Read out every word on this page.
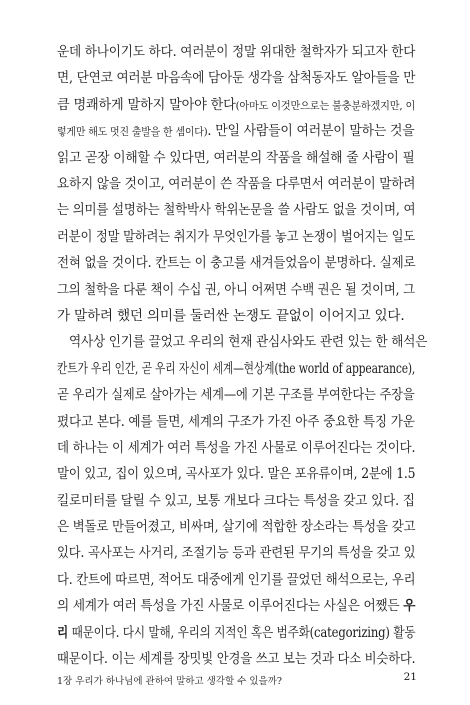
운데 하나이기도 하다. 여러분이 정말 위대한 철학자가 되고자 한다
면, 단연코 여러분 마음속에 담아둔 생각을 삼척동자도 알아들을 만
큼 명쾌하게 말하지 말아야 한다(아마도 이것만으로는 불충분하겠지만, 이
렇게만 해도 멋진 출발을 한 셈이다). 만일 사람들이 여러분이 말하는 것을
읽고 곧장 이해할 수 있다면, 여러분의 작품을 해설해 줄 사람이 필
요하지 않을 것이고, 여러분이 쓴 작품을 다루면서 여러분이 말하려
는 의미를 설명하는 철학박사 학위논문을 쓸 사람도 없을 것이며, 여
러분이 정말 말하려는 취지가 무엇인가를 놓고 논쟁이 벌어지는 일도
전혀 없을 것이다. 칸트는 이 충고를 새겨들었음이 분명하다. 실제로
그의 철학을 다룬 책이 수십 권, 아니 어쩌면 수백 권은 될 것이며, 그
가 말하려 했던 의미를 둘러싼 논쟁도 끝없이 이어지고 있다.
역사상 인기를 끌었고 우리의 현재 관심사와도 관련 있는 한 해석은
칸트가 우리 인간, 곧 우리 자신이 세계—현상계(the world of appearance),
곧 우리가 실제로 살아가는 세계—에 기본 구조를 부여한다는 주장을
폈다고 본다. 예를 들면, 세계의 구조가 가진 아주 중요한 특징 가운
데 하나는 이 세계가 여러 특성을 가진 사물로 이루어진다는 것이다.
말이 있고, 집이 있으며, 곡사포가 있다. 말은 포유류이며, 2분에 1.5
킬로미터를 달릴 수 있고, 보통 개보다 크다는 특성을 갖고 있다. 집
은 벽돌로 만들어졌고, 비싸며, 살기에 적합한 장소라는 특성을 갖고
있다. 곡사포는 사거리, 조절기능 등과 관련된 무기의 특성을 갖고 있
다. 칸트에 따르면, 적어도 대중에게 인기를 끌었던 해석으로는, 우리
의 세계가 여러 특성을 가진 사물로 이루어진다는 사실은 어쨌든 우
리 때문이다. 다시 말해, 우리의 지적인 혹은 범주화(categorizing) 활동
때문이다. 이는 세계를 장밋빛 안경을 쓰고 보는 것과 다소 비슷하다.
1장 우리가 하나님에 관하여 말하고 생각할 수 있을까?	21
